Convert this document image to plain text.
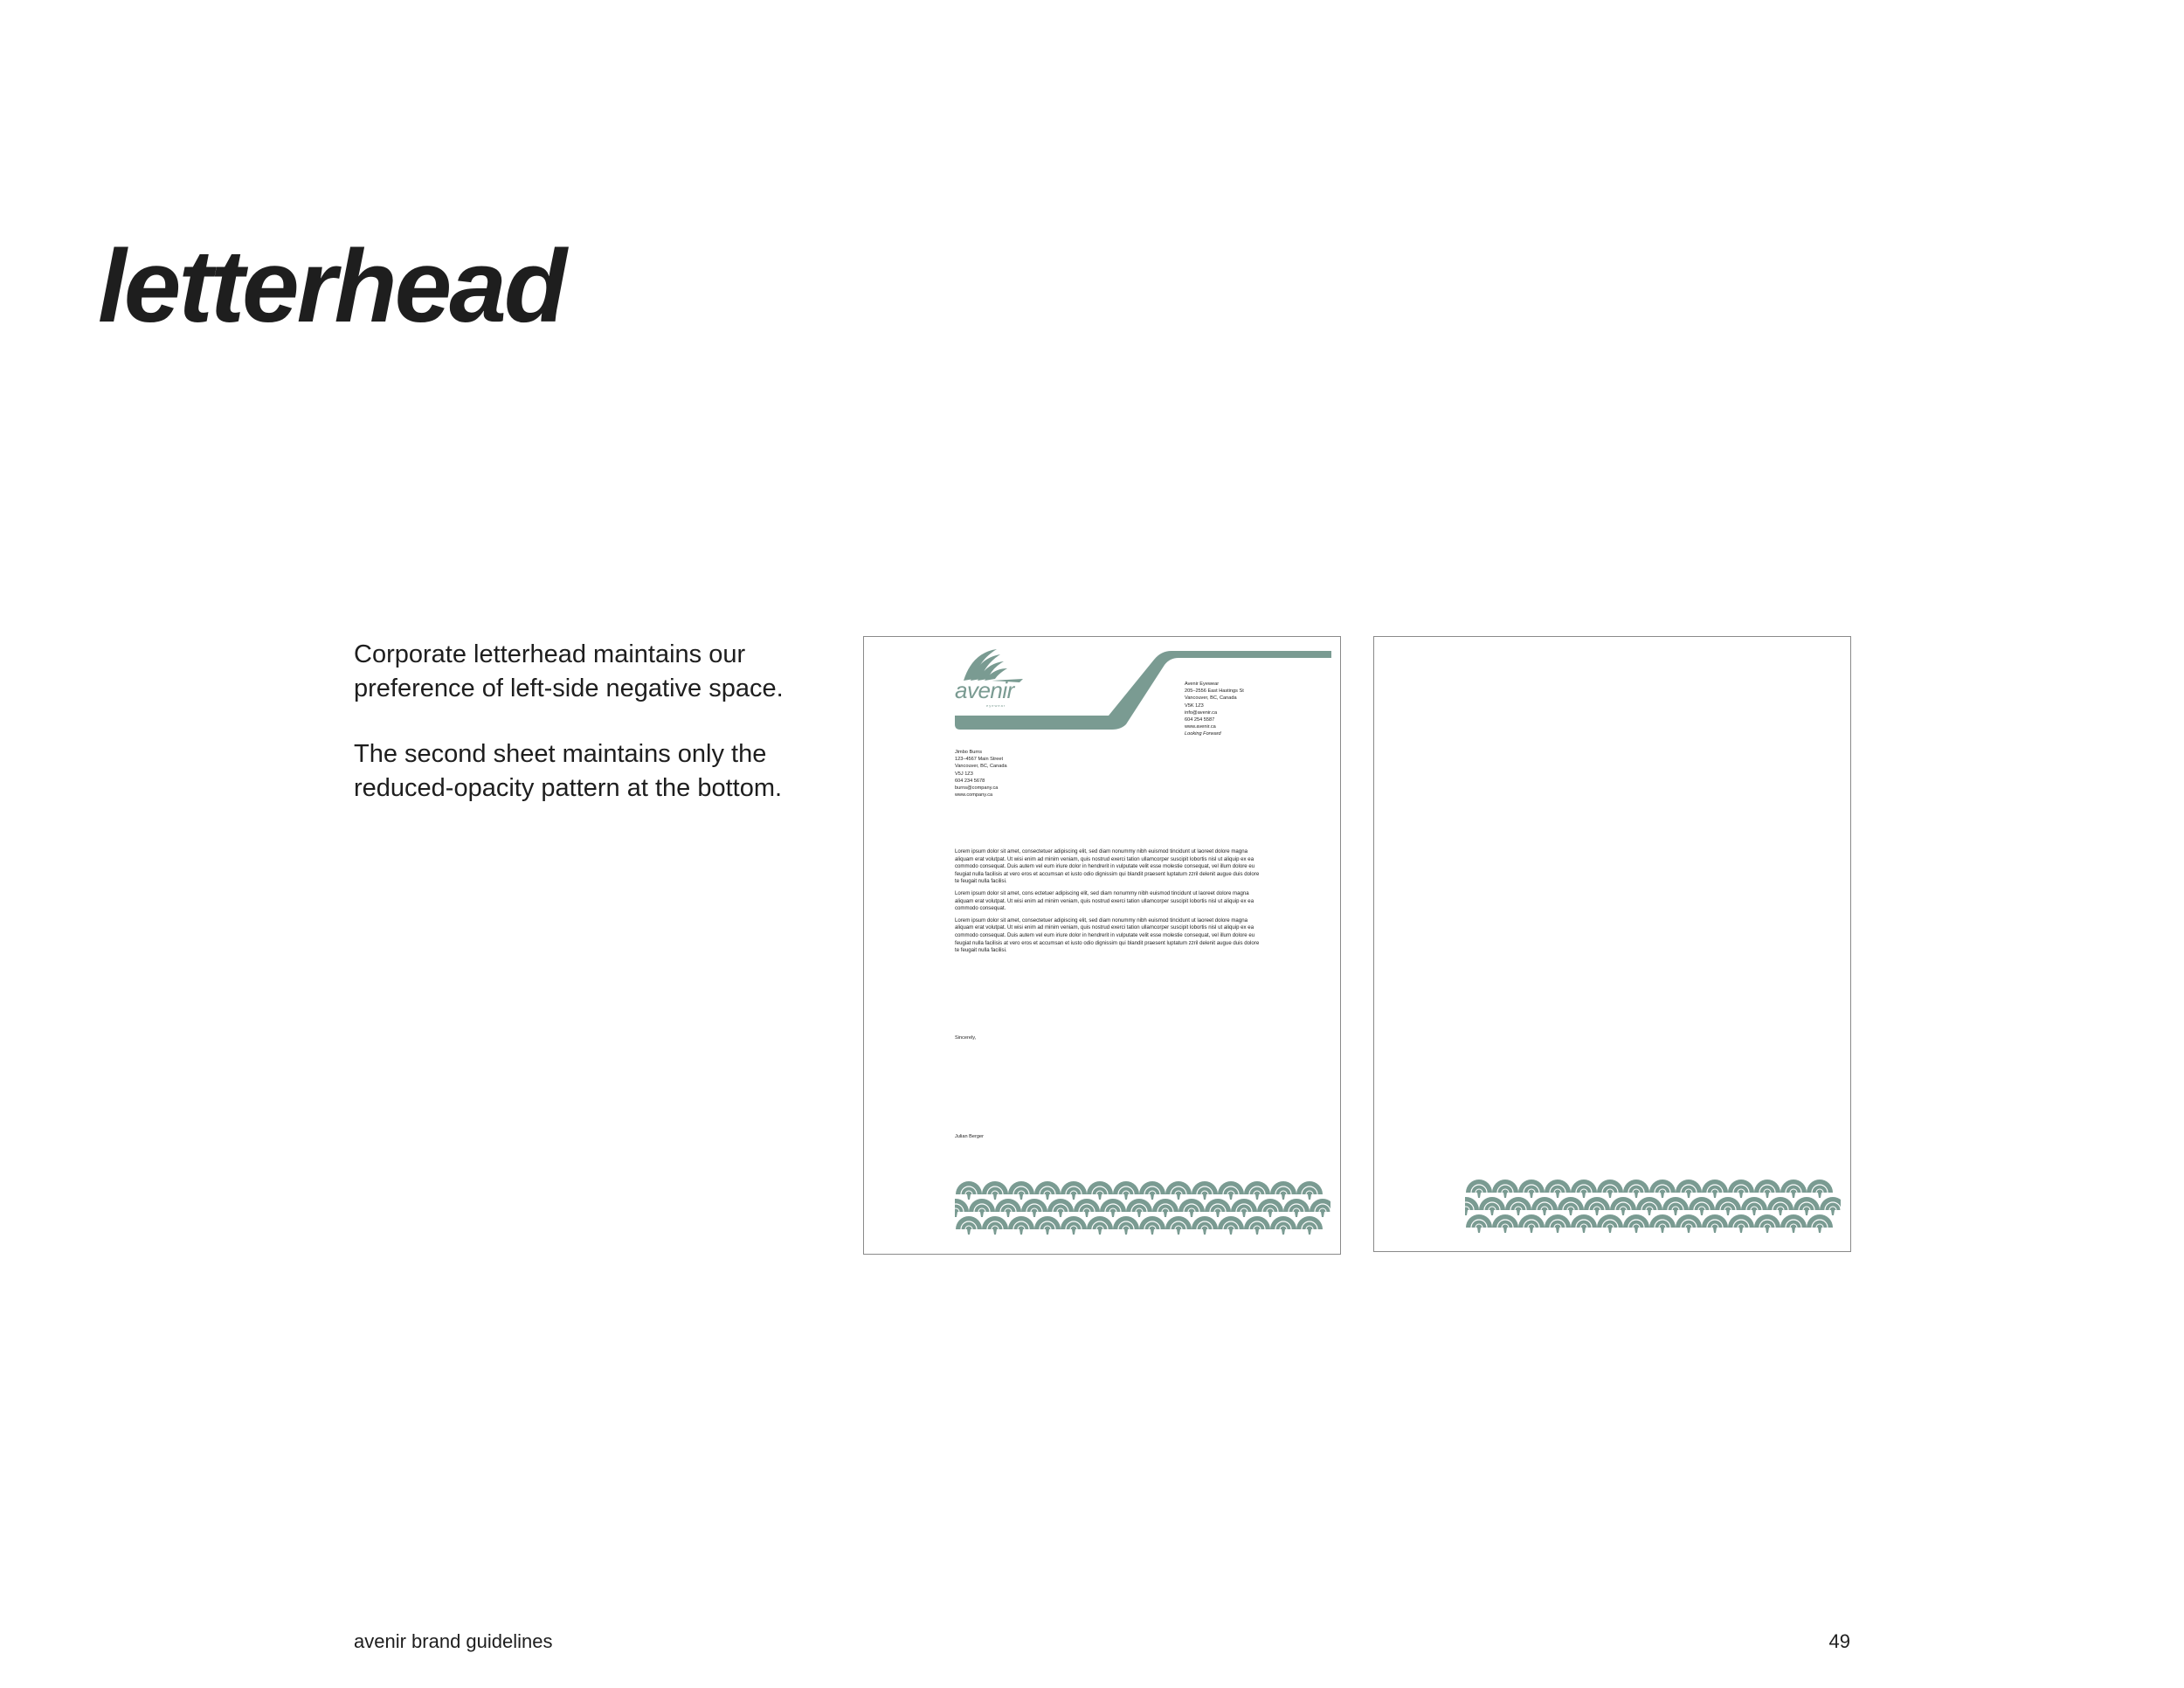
letterhead

Corporate letterhead maintains our preference of left-side negative space.

The second sheet maintains only the reduced-opacity pattern at the bottom.

avenir
eyewear
Avenir Eyewear
205–2556 East Hastings St
Vancouver, BC, Canada
V5K 1Z3
info@avenir.ca
604 254 5587
www.avenir.ca
Looking Forward
Jimbo Burns
123–4567 Main Street
Vancouver, BC, Canada
V5J 1Z3
604 234 5678
burns@company.ca
www.company.ca

Lorem ipsum dolor sit amet, consectetuer adipiscing elit, sed diam nonummy nibh euismod tincidunt ut laoreet dolore magna aliquam erat volutpat. Ut wisi enim ad minim veniam, quis nostrud exerci tation ullamcorper suscipit lobortis nisl ut aliquip ex ea commodo consequat. Duis autem vel eum iriure dolor in hendrerit in vulputate velit esse molestie consequat, vel illum dolore eu feugiat nulla facilisis at vero eros et accumsan et iusto odio dignissim qui blandit praesent luptatum zzril delenit augue duis dolore te feugait nulla facilisi.

Lorem ipsum dolor sit amet, cons ectetuer adipiscing elit, sed diam nonummy nibh euismod tincidunt ut laoreet dolore magna aliquam erat volutpat. Ut wisi enim ad minim veniam, quis nostrud exerci tation ullamcorper suscipit lobortis nisl ut aliquip ex ea commodo consequat.

Lorem ipsum dolor sit amet, consectetuer adipiscing elit, sed diam nonummy nibh euismod tincidunt ut laoreet dolore magna aliquam erat volutpat. Ut wisi enim ad minim veniam, quis nostrud exerci tation ullamcorper suscipit lobortis nisl ut aliquip ex ea commodo consequat. Duis autem vel eum iriure dolor in hendrerit in vulputate velit esse molestie consequat, vel illum dolore eu feugiat nulla facilisis at vero eros et accumsan et iusto odio dignissim qui blandit praesent luptatum zzril delenit augue duis dolore te feugait nulla facilisi.

Sincerely,
Julian Berger
avenir brand guidelines	49
